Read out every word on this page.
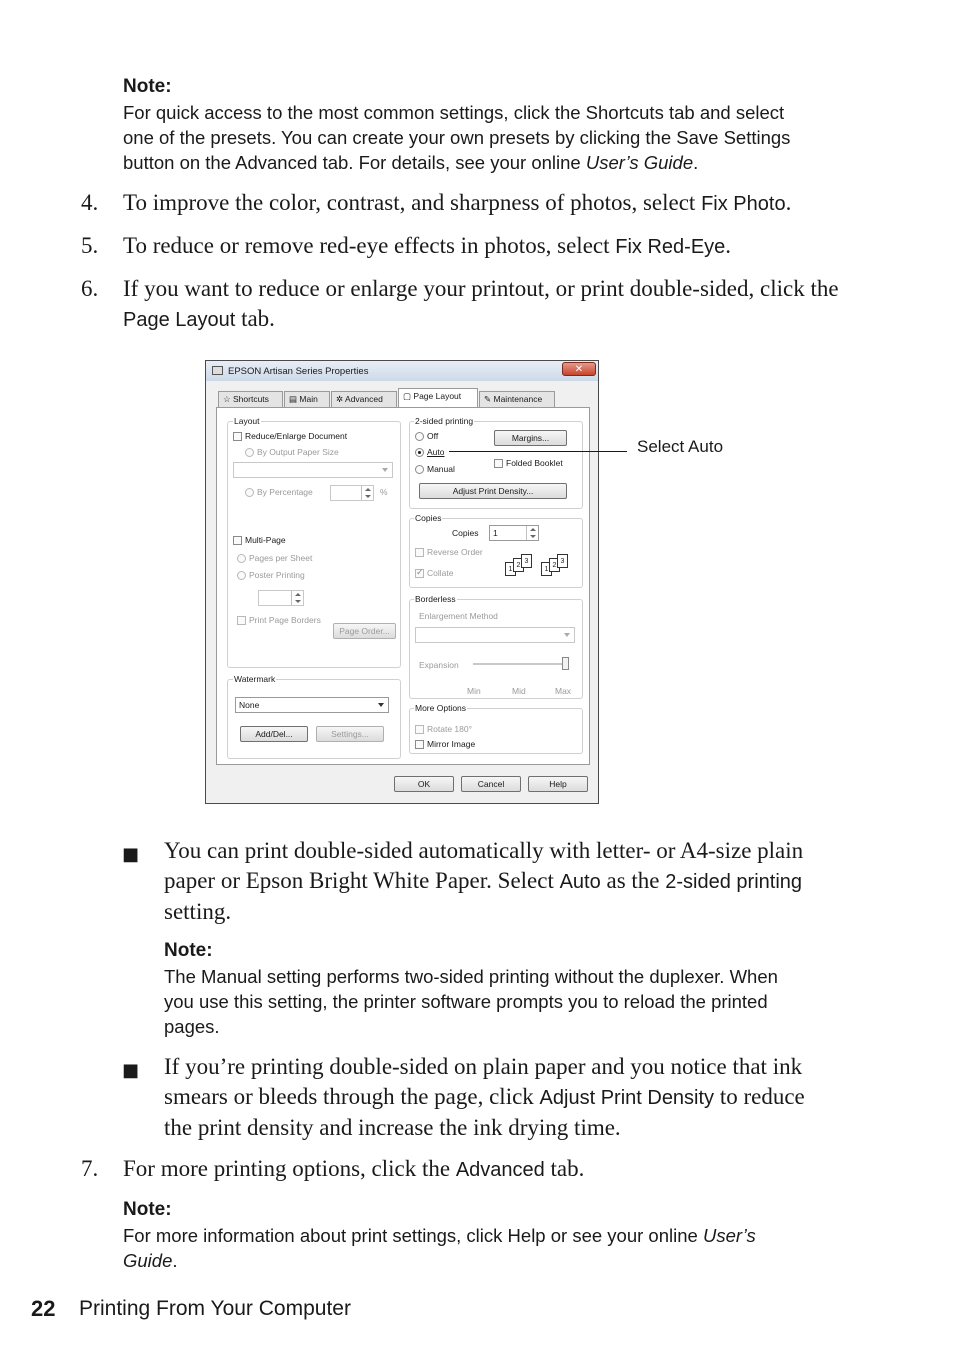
Note:
For quick access to the most common settings, click the Shortcuts tab and select
one of the presets. You can create your own presets by clicking the Save Settings
button on the Advanced tab. For details, see your online User’s Guide.
4. To improve the color, contrast, and sharpness of photos, select Fix Photo.
5. To reduce or remove red-eye effects in photos, select Fix Red-Eye.
6. If you want to reduce or enlarge your printout, or print double-sided, click the
Page Layout tab.
EPSON Artisan Series Properties	✕
☆ Shortcuts	▤ Main	✲ Advanced	▢ Page Layout	✎ Maintenance
Layout
Reduce/Enlarge Document
By Output Paper Size
By Percentage	%
Multi-Page
Pages per Sheet
Poster Printing
Print Page Borders
Page Order...
Watermark
None
Add/Del...	Settings...
2-sided printing
Off	Margins...
Auto
Manual
Folded Booklet
Adjust Print Density...
Copies
Copies	1
Reverse Order
✓
Collate	1
2
3
1
2
3
Borderless
Enlargement Method
Expansion
Min	Mid	Max
More Options
Rotate 180°
Mirror Image
OK	Cancel	Help
Select Auto
■ You can print double-sided automatically with letter- or A4-size plain
paper or Epson Bright White Paper. Select Auto as the 2-sided printing
setting.
Note:
The Manual setting performs two-sided printing without the duplexer. When
you use this setting, the printer software prompts you to reload the printed
pages.
■ If you’re printing double-sided on plain paper and you notice that ink
smears or bleeds through the page, click Adjust Print Density to reduce
the print density and increase the ink drying time.
7. For more printing options, click the Advanced tab.
Note:
For more information about print settings, click Help or see your online User’s
Guide.
22 Printing From Your Computer
